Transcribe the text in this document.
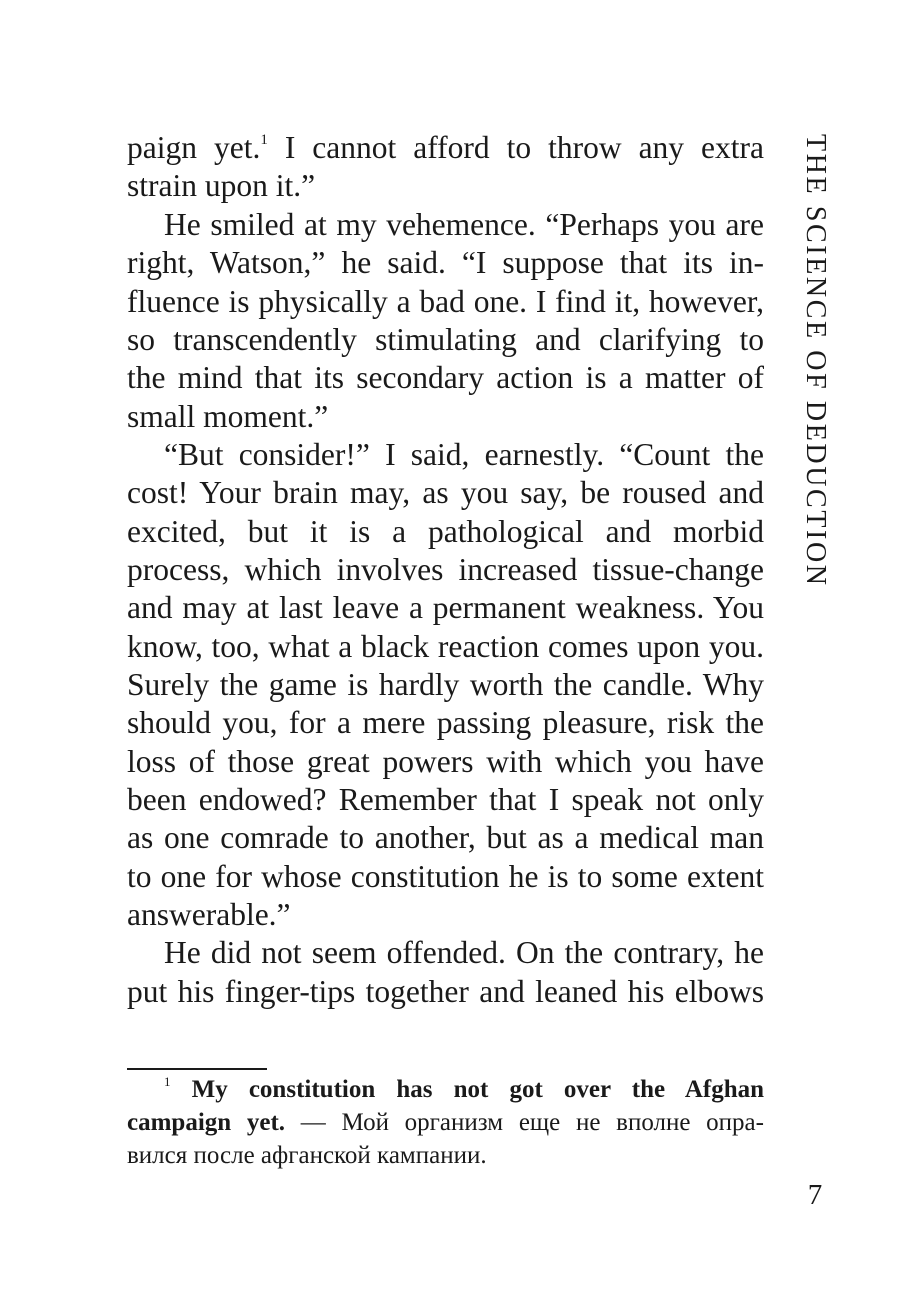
THE SCIENCE OF DEDUCTION
paign yet.$^1$ I cannot afford to throw any extra
strain upon it.”
He smiled at my vehemence. “Perhaps you are
right, Watson,” he said. “I suppose that its in-
fluence is physically a bad one. I find it, however,
so transcendently stimulating and clarifying to
the mind that its secondary action is a matter of
small moment.”
“But consider!” I said, earnestly. “Count the
cost! Your brain may, as you say, be roused and
excited, but it is a pathological and morbid
process, which involves increased tissue-change
and may at last leave a permanent weakness. You
know, too, what a black reaction comes upon you.
Surely the game is hardly worth the candle. Why
should you, for a mere passing pleasure, risk the
loss of those great powers with which you have
been endowed? Remember that I speak not only
as one comrade to another, but as a medical man
to one for whose constitution he is to some extent
answerable.”
He did not seem offended. On the contrary, he
put his finger-tips together and leaned his elbows
$^1$ My constitution has not got over the Afghan
campaign yet. — Мой организм еще не вполне опра-
вился после афганской кампании.
7
